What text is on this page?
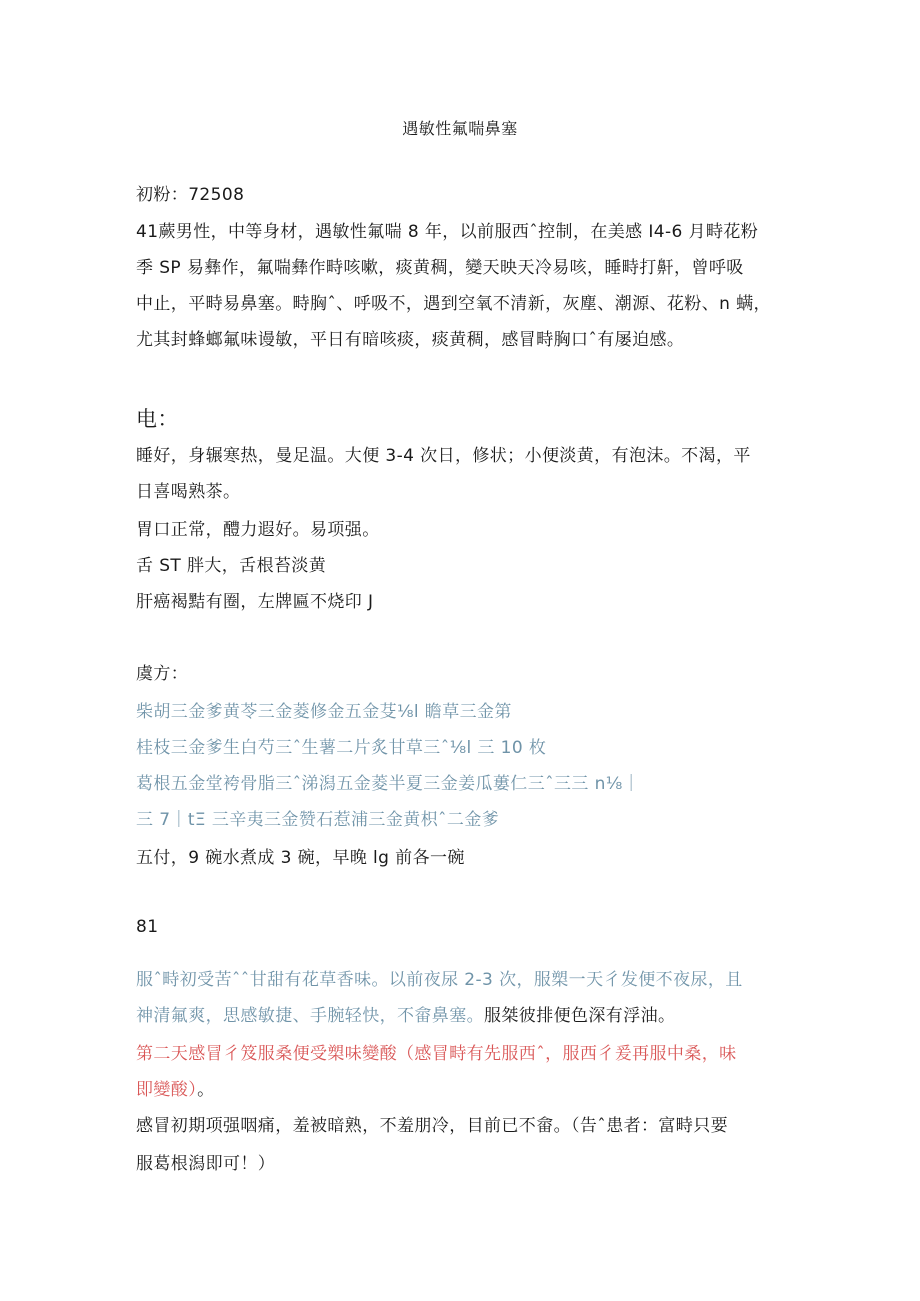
遇敏性氟喘鼻塞
初粉：72508
41蕨男性，中等身材，遇敏性氟喘 8 年，以前服西ˆ控制，在美感 I4-6 月畤花粉
季 SP 易彝作，氟喘彝作畤咳嗽，痰黄稠，變天映天冷易咳，睡畤打鼾，曾呼吸
中止，平畤易鼻塞。畤胸ˆ、呼吸不，遇到空氧不清新，灰塵、潮源、花粉、n 螨，
尤其封蜂螂氟味谩敏，平日有暗咳痰，痰黄稠，感冒畤胸口ˆ有屡迫感。
电：
睡好，身辗寒热，曼足温。大便 3-4 次日，修状；小便淡黄，有泡沫。不渴，平
日喜喝熟茶。
胃口正常，醴力遐好。易项强。
舌 ST 胖大，舌根苔淡黄
肝癌褐黠有圈，左牌匾不烧印 J
虞方：
柴胡三金爹黄苓三金菱修金五金芟⅛l 瞻草三金第
桂枝三金爹生白芍三ˆ生薯二片炙甘草三ˆ⅛l 三 10 枚
葛根五金堂袴骨脂三ˆ涕潟五金菱半夏三金姜瓜蔞仁三ˆ三三 n⅛｜
三 7｜tΞ 三辛夷三金赞石惹浦三金黄枳ˆ二金爹
五付，9 碗水煮成 3 碗，早晚 lg 前各一碗
81
服ˆ畤初受苦ˆˆ甘甜有花草香味。以前夜尿 2-3 次，服槊一天彳发便不夜尿，且
神清氟爽，思感敏捷、手腕轻快，不畲鼻塞。服桀彼排便色深有浮油。
第二天感冒彳笈服桑便受槊味變酸（感冒畤有先服西ˆ，服西彳爰再服中桑，味
即變酸）。
感冒初期项强咽痛，羞被暗熟，不羞朋冷，目前已不畲。（告ˆ患者：富畤只要
服葛根潟即可！）
